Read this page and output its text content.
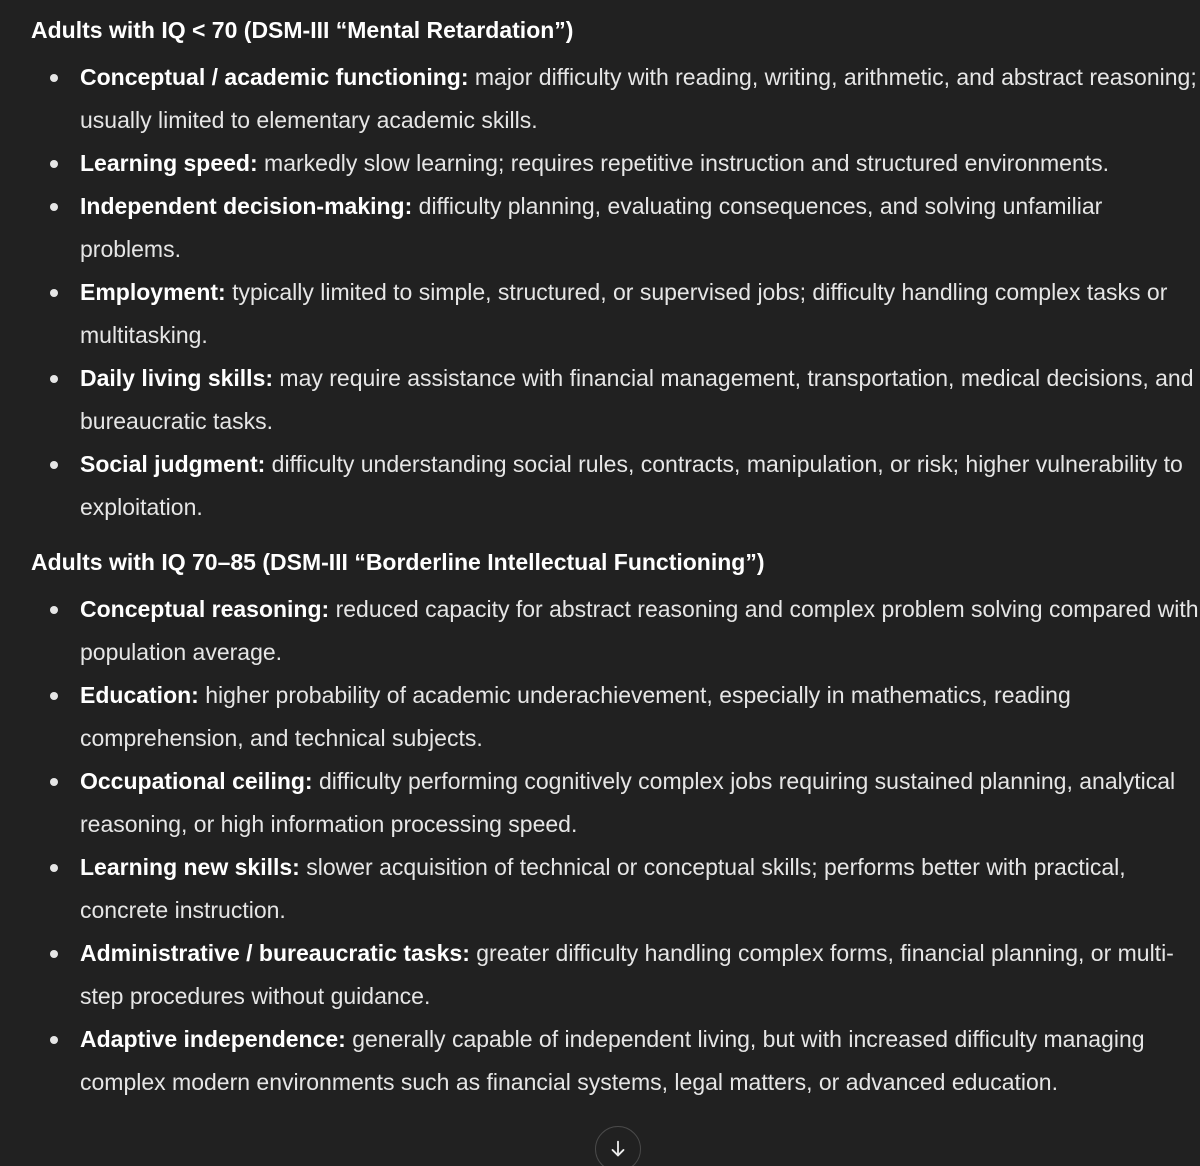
Adults with IQ < 70 (DSM-III “Mental Retardation”)
Conceptual / academic functioning: major difficulty with reading, writing, arithmetic, and abstract reasoning; usually limited to elementary academic skills.
Learning speed: markedly slow learning; requires repetitive instruction and structured environments.
Independent decision-making: difficulty planning, evaluating consequences, and solving unfamiliar problems.
Employment: typically limited to simple, structured, or supervised jobs; difficulty handling complex tasks or multitasking.
Daily living skills: may require assistance with financial management, transportation, medical decisions, and bureaucratic tasks.
Social judgment: difficulty understanding social rules, contracts, manipulation, or risk; higher vulnerability to exploitation.
Adults with IQ 70–85 (DSM-III “Borderline Intellectual Functioning”)
Conceptual reasoning: reduced capacity for abstract reasoning and complex problem solving compared with population average.
Education: higher probability of academic underachievement, especially in mathematics, reading comprehension, and technical subjects.
Occupational ceiling: difficulty performing cognitively complex jobs requiring sustained planning, analytical reasoning, or high information processing speed.
Learning new skills: slower acquisition of technical or conceptual skills; performs better with practical, concrete instruction.
Administrative / bureaucratic tasks: greater difficulty handling complex forms, financial planning, or multi-step procedures without guidance.
Adaptive independence: generally capable of independent living, but with increased difficulty managing complex modern environments such as financial systems, legal matters, or advanced education.
